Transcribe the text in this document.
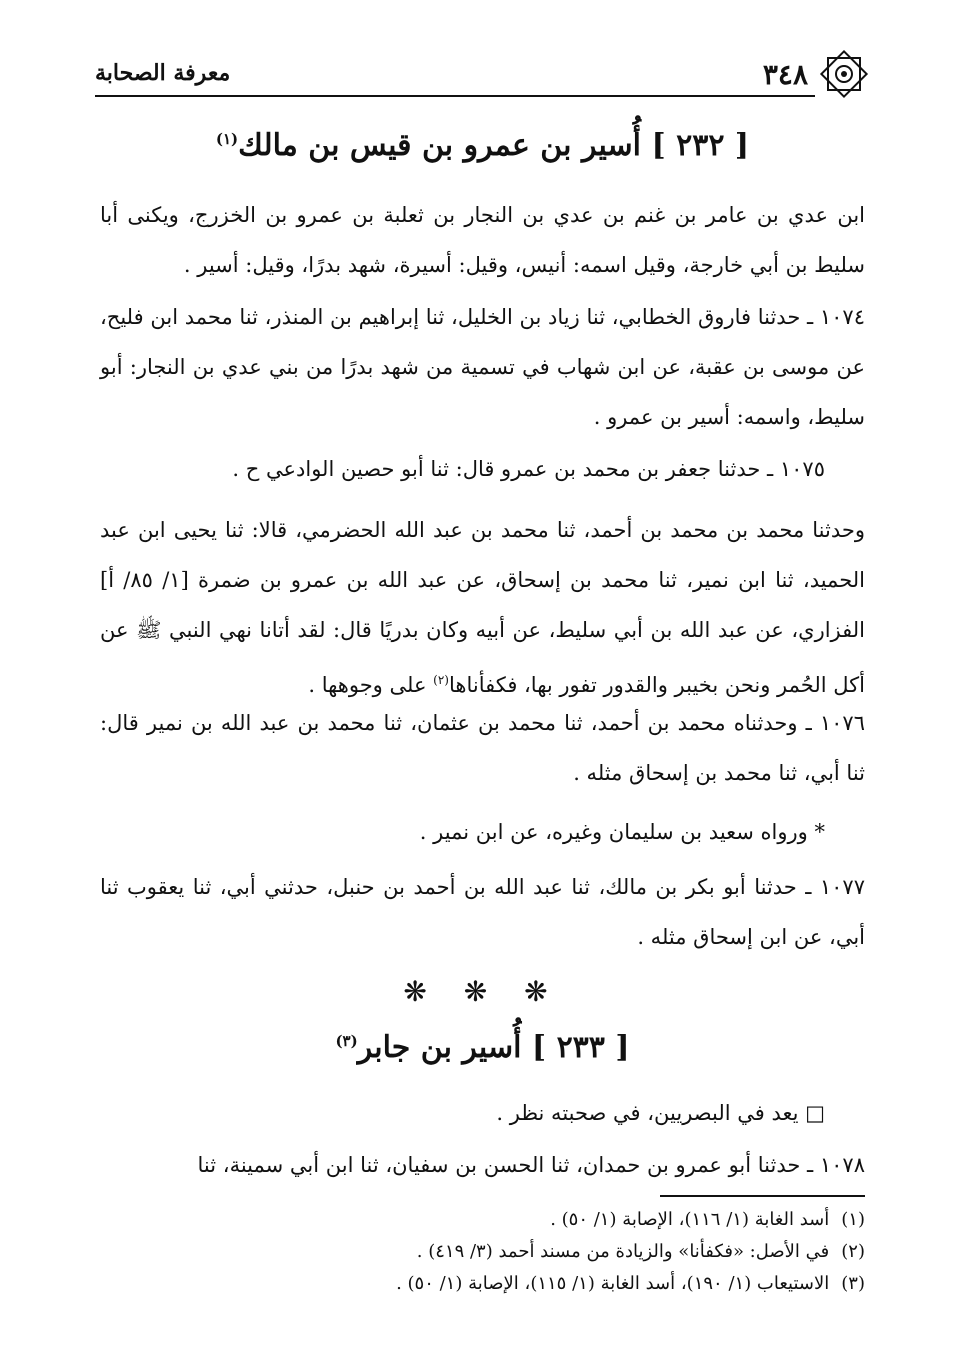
٣٤٨
معرفة الصحابة
[ ٢٣٢ ] أُسير بن عمرو بن قيس بن مالك$^{(١)}$

ابن عدي بن عامر بن غنم بن عدي بن النجار بن ثعلبة بن عمرو بن الخزرج، ويكنى أبا سليط بن أبي خارجة، وقيل اسمه: أنيس، وقيل: أسيرة، شهد بدرًا، وقيل: أسير .

١٠٧٤ ـ حدثنا فاروق الخطابي، ثنا زياد بن الخليل، ثنا إبراهيم بن المنذر، ثنا محمد ابن فليح، عن موسى بن عقبة، عن ابن شهاب في تسمية من شهد بدرًا من بني عدي بن النجار: أبو سليط، واسمه: أسير بن عمرو .

١٠٧٥ ـ حدثنا جعفر بن محمد بن عمرو قال: ثنا أبو حصين الوادعي ح .

وحدثنا محمد بن محمد بن أحمد، ثنا محمد بن عبد الله الحضرمي، قالا: ثنا يحيى ابن عبد الحميد، ثنا ابن نمير، ثنا محمد بن إسحاق، عن عبد الله بن عمرو بن ضمرة [١/ ٨٥/ أ] الفزاري، عن عبد الله بن أبي سليط، عن أبيه وكان بدريًا قال: لقد أتانا نهي النبي ﷺ عن أكل الحُمر ونحن بخيبر والقدور تفور بها، فكفأناها$^{(٢)}$ على وجوهها .

١٠٧٦ ـ وحدثناه محمد بن أحمد، ثنا محمد بن عثمان، ثنا محمد بن عبد الله بن نمير قال: ثنا أبي، ثنا محمد بن إسحاق مثله .

* ورواه سعيد بن سليمان وغيره، عن ابن نمير .

١٠٧٧ ـ حدثنا أبو بكر بن مالك، ثنا عبد الله بن أحمد بن حنبل، حدثني أبي، ثنا يعقوب ثنا أبي، عن ابن إسحاق مثله .

❋ ❋ ❋
[ ٢٣٣ ] أُسير بن جابر$^{(٣)}$

□ يعد في البصريين، في صحبته نظر .

١٠٧٨ ـ حدثنا أبو عمرو بن حمدان، ثنا الحسن بن سفيان، ثنا ابن أبي سمينة، ثنا

(١)أسد الغابة (١/ ١١٦)، الإصابة (١/ ٥٠) .
(٢)في الأصل: «فكفأنا» والزيادة من مسند أحمد (٣/ ٤١٩) .
(٣)الاستيعاب (١/ ١٩٠)، أسد الغابة (١/ ١١٥)، الإصابة (١/ ٥٠) .
